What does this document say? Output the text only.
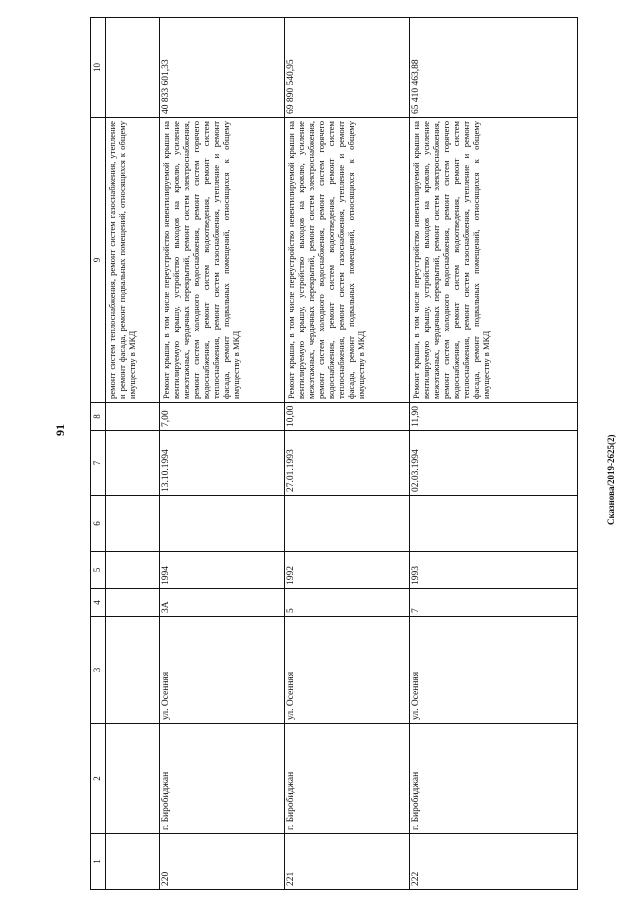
91
Сказнова/2019-2625(2)
1	2	3	4	5	6	7	8	9	10
								ремонт систем теплоснабжения, ремонт систем газоснабжения, утепление и ремонт фасада, ремонт подвальных помещений, относящихся к общему имуществу в МКД	
220	г. Биробиджан	ул. Осенняя	3А	1994		13.10.1994	7,00	Ремонт крыши, в том числе переустройство невентилируемой крыши на вентилируемую крышу, устройство выходов на кровлю, усиление межэтажных, чердачных перекрытий, ремонт систем электроснабжения, ремонт систем холодного водоснабжения, ремонт систем горячего водоснабжения, ремонт систем водоотведения, ремонт систем теплоснабжения, ремонт систем газоснабжения, утепление и ремонт фасада, ремонт подвальных помещений, относящихся к общему имуществу в МКД	40 833 601,33
221	г. Биробиджан	ул. Осенняя	5	1992		27.01.1993	10,00	Ремонт крыши, в том числе переустройство невентилируемой крыши на вентилируемую крышу, устройство выходов на кровлю, усиление межэтажных, чердачных перекрытий, ремонт систем электроснабжения, ремонт систем холодного водоснабжения, ремонт систем горячего водоснабжения, ремонт систем водоотведения, ремонт систем теплоснабжения, ремонт систем газоснабжения, утепление и ремонт фасада, ремонт подвальных помещений, относящихся к общему имуществу в МКД	69 890 540,95
222	г. Биробиджан	ул. Осенняя	7	1993		02.03.1994	11,90	Ремонт крыши, в том числе переустройство невентилируемой крыши на вентилируемую крышу, устройство выходов на кровлю, усиление межэтажных, чердачных перекрытий, ремонт систем электроснабжения, ремонт систем холодного водоснабжения, ремонт систем горячего водоснабжения, ремонт систем водоотведения, ремонт систем теплоснабжения, ремонт систем газоснабжения, утепление и ремонт фасада, ремонт подвальных помещений, относящихся к общему имуществу в МКД	65 410 463,88
